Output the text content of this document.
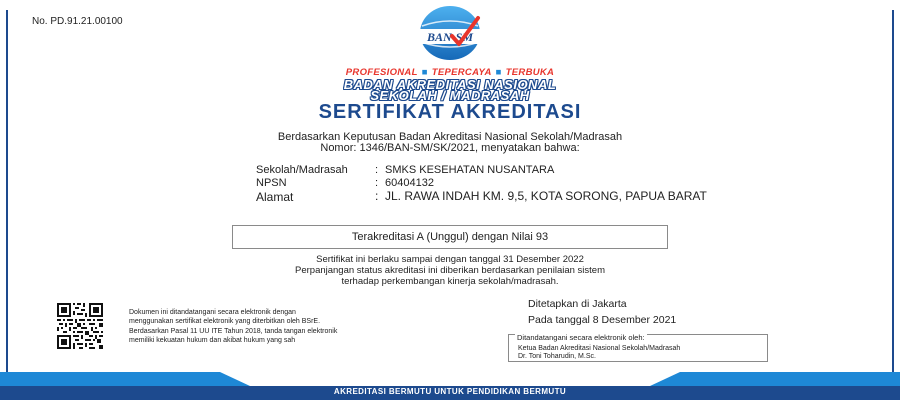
No. PD.91.21.00100
BAN-SM
PROFESIONAL ■ TEPERCAYA ■ TERBUKA
BADAN AKREDITASI NASIONAL
SEKOLAH / MADRASAH
SERTIFIKAT AKREDITASI
Berdasarkan Keputusan Badan Akreditasi Nasional Sekolah/Madrasah
Nomor: 1346/BAN-SM/SK/2021, menyatakan bahwa:
Sekolah/Madrasah : SMKS KESEHATAN NUSANTARA
NPSN	: 60404132
Alamat	: JL. RAWA INDAH KM. 9,5, KOTA SORONG, PAPUA BARAT
Terakreditasi A (Unggul) dengan Nilai 93
Sertifikat ini berlaku sampai dengan tanggal 31 Desember 2022
Perpanjangan status akreditasi ini diberikan berdasarkan penilaian sistem
terhadap perkembangan kinerja sekolah/madrasah.
Dokumen ini ditandatangani secara elektronik dengan
menggunakan sertifikat elektronik yang diterbitkan oleh BSrE.
Berdasarkan Pasal 11 UU ITE Tahun 2018, tanda tangan elektronik
memiliki kekuatan hukum dan akibat hukum yang sah
Ditetapkan di Jakarta
Pada tanggal 8 Desember 2021
Ditandatangani secara elektronik oleh:
Ketua Badan Akreditasi Nasional Sekolah/Madrasah
Dr. Toni Toharudin, M.Sc.
AKREDITASI BERMUTU UNTUK PENDIDIKAN BERMUTU
